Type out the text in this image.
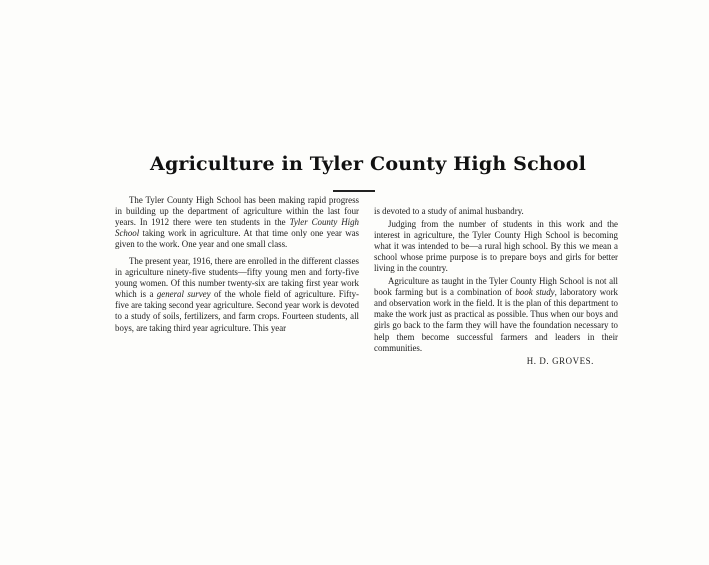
Agriculture in Tyler County High School

The Tyler County High School has been making rapid progress in building up the department of agriculture within the last four years. In 1912 there were ten students in the Tyler County High School taking work in agriculture. At that time only one year was given to the work. One year and one small class.

The present year, 1916, there are enrolled in the different classes in agriculture ninety-five students—fifty young men and forty-five young women. Of this number twenty-six are taking first year work which is a general survey of the whole field of agriculture. Fifty-five are taking second year agriculture. Second year work is devoted to a study of soils, fertilizers, and farm crops. Fourteen students, all boys, are taking third year agriculture. This year

is devoted to a study of animal husbandry.

Judging from the number of students in this work and the interest in agriculture, the Tyler County High School is becoming what it was intended to be—a rural high school. By this we mean a school whose prime purpose is to prepare boys and girls for better living in the country.

Agriculture as taught in the Tyler County High School is not all book farming but is a combination of book study, laboratory work and observation work in the field. It is the plan of this department to make the work just as practical as possible. Thus when our boys and girls go back to the farm they will have the foundation necessary to help them become successful farmers and leaders in their communities.

H. D. GROVES.
